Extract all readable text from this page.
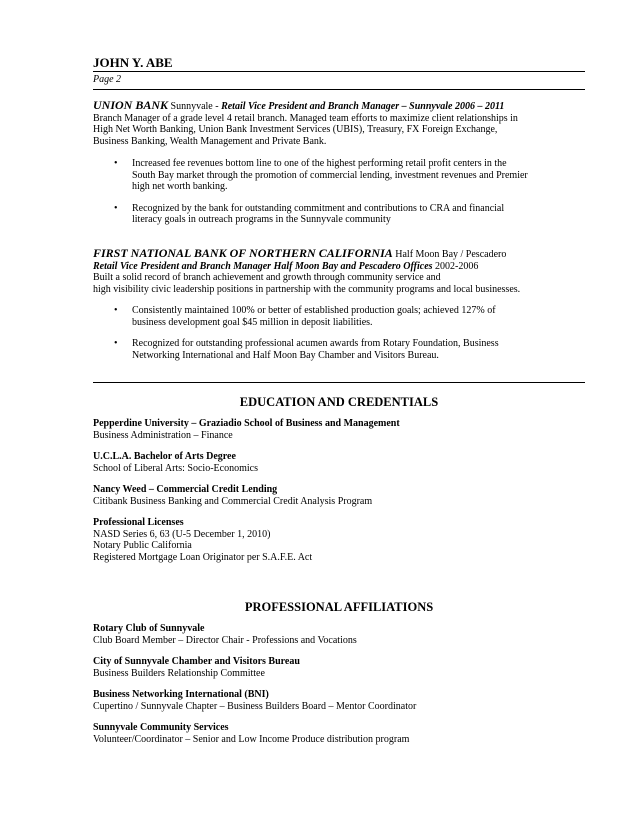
JOHN Y. ABE
Page 2
UNION BANK Sunnyvale - Retail Vice President and Branch Manager – Sunnyvale 2006 – 2011
Branch Manager of a grade level 4 retail branch. Managed team efforts to maximize client relationships in
High Net Worth Banking, Union Bank Investment Services (UBIS), Treasury, FX Foreign Exchange,
Business Banking, Wealth Management and Private Bank.
• Increased fee revenues bottom line to one of the highest performing retail profit centers in the
South Bay market through the promotion of commercial lending, investment revenues and Premier
high net worth banking.
• Recognized by the bank for outstanding commitment and contributions to CRA and financial
literacy goals in outreach programs in the Sunnyvale community
FIRST NATIONAL BANK OF NORTHERN CALIFORNIA Half Moon Bay / Pescadero
Retail Vice President and Branch Manager Half Moon Bay and Pescadero Offices 2002-2006
Built a solid record of branch achievement and growth through community service and
high visibility civic leadership positions in partnership with the community programs and local businesses.
• Consistently maintained 100% or better of established production goals; achieved 127% of
business development goal $45 million in deposit liabilities.
• Recognized for outstanding professional acumen awards from Rotary Foundation, Business
Networking International and Half Moon Bay Chamber and Visitors Bureau.
EDUCATION AND CREDENTIALS
Pepperdine University – Graziadio School of Business and Management
Business Administration – Finance
U.C.L.A. Bachelor of Arts Degree
School of Liberal Arts: Socio-Economics
Nancy Weed – Commercial Credit Lending
Citibank Business Banking and Commercial Credit Analysis Program
Professional Licenses
NASD Series 6, 63 (U-5 December 1, 2010)
Notary Public California
Registered Mortgage Loan Originator per S.A.F.E. Act
PROFESSIONAL AFFILIATIONS
Rotary Club of Sunnyvale
Club Board Member – Director Chair - Professions and Vocations
City of Sunnyvale Chamber and Visitors Bureau
Business Builders Relationship Committee
Business Networking International (BNI)
Cupertino / Sunnyvale Chapter – Business Builders Board – Mentor Coordinator
Sunnyvale Community Services
Volunteer/Coordinator – Senior and Low Income Produce distribution program
